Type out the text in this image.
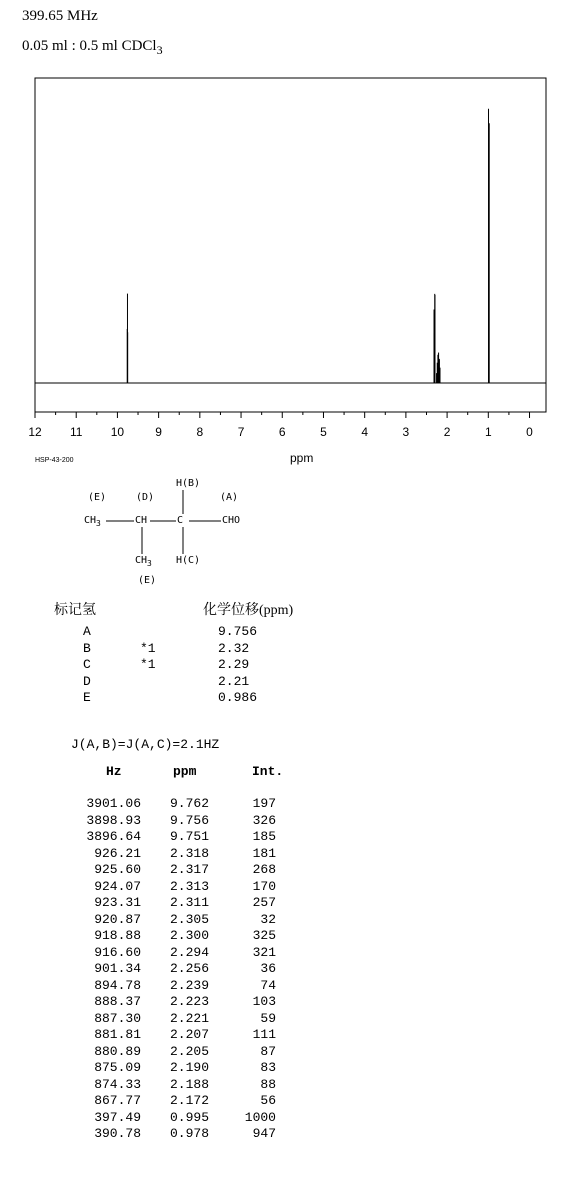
399.65 MHz
0.05 ml : 0.5 ml CDCl$_3$
12 11 10	9	8	7	6	5	4	3	2	1	0
ppm
HSP-43-200
H(B)
(E)	(D)	(A)
$CH_3$	CH	C	CHO
$CH_3$ H(C)
(E)
标记氢	化学位移(ppm)
A	9.756
B	*1	2.32
C	*1	2.29
D	2.21
E	0.986
J(A,B)=J(A,C)=2.1HZ
Hz	ppm	Int.
3901.06	9.762	197
3898.93	9.756	326
3896.64	9.751	185
926.21	2.318	181
925.60	2.317	268
924.07	2.313	170
923.31	2.311	257
920.87	2.305	32
918.88	2.300	325
916.60	2.294	321
901.34	2.256	36
894.78	2.239	74
888.37	2.223	103
887.30	2.221	59
881.81	2.207	111
880.89	2.205	87
875.09	2.190	83
874.33	2.188	88
867.77	2.172	56
397.49	0.995	1000
390.78	0.978	947
